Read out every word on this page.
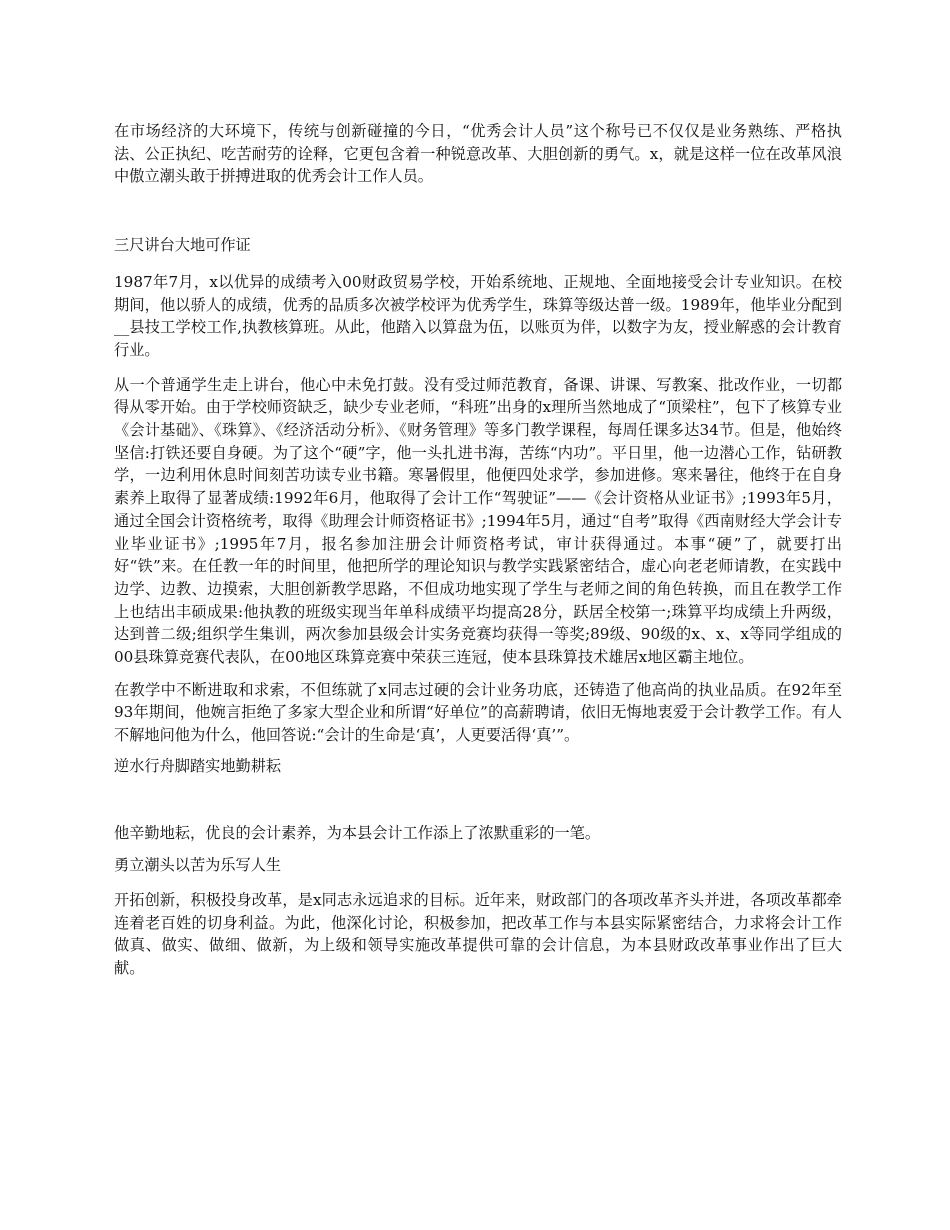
在市场经济的大环境下，传统与创新碰撞的今日，“优秀会计人员”这个称号已不仅仅是业务熟练、严格执法、公正执纪、吃苦耐劳的诠释，它更包含着一种锐意改革、大胆创新的勇气。x，就是这样一位在改革风浪中傲立潮头敢于拼搏进取的优秀会计工作人员。

三尺讲台大地可作证

1987年7月，x以优异的成绩考入00财政贸易学校，开始系统地、正规地、全面地接受会计专业知识。在校期间，他以骄人的成绩，优秀的品质多次被学校评为优秀学生，珠算等级达普一级。1989年，他毕业分配到__县技工学校工作,执教核算班。从此，他踏入以算盘为伍，以账页为伴，以数字为友，授业解惑的会计教育行业。

从一个普通学生走上讲台，他心中未免打鼓。没有受过师范教育，备课、讲课、写教案、批改作业，一切都得从零开始。由于学校师资缺乏，缺少专业老师，“科班”出身的x理所当然地成了“顶梁柱”，包下了核算专业《会计基础》、《珠算》、《经济活动分析》、《财务管理》等多门教学课程，每周任课多达34节。但是，他始终坚信:打铁还要自身硬。为了这个“硬”字，他一头扎进书海，苦练“内功”。平日里，他一边潜心工作，钻研教学，一边利用休息时间刻苦功读专业书籍。寒暑假里，他便四处求学，参加进修。寒来暑往，他终于在自身素养上取得了显著成绩:1992年6月，他取得了会计工作“驾驶证”——《会计资格从业证书》;1993年5月，通过全国会计资格统考，取得《助理会计师资格证书》;1994年5月，通过“自考”取得《西南财经大学会计专业毕业证书》;1995年7月，报名参加注册会计师资格考试，审计获得通过。本事“硬”了，就要打出好“铁”来。在任教一年的时间里，他把所学的理论知识与教学实践紧密结合，虚心向老老师请教，在实践中边学、边教、边摸索，大胆创新教学思路，不但成功地实现了学生与老师之间的角色转换，而且在教学工作上也结出丰硕成果:他执教的班级实现当年单科成绩平均提高28分，跃居全校第一;珠算平均成绩上升两级，达到普二级;组织学生集训，两次参加县级会计实务竞赛均获得一等奖;89级、90级的x、x、x等同学组成的00县珠算竞赛代表队，在00地区珠算竞赛中荣获三连冠，使本县珠算技术雄居x地区霸主地位。

在教学中不断进取和求索，不但练就了x同志过硬的会计业务功底，还铸造了他高尚的执业品质。在92年至93年期间，他婉言拒绝了多家大型企业和所谓“好单位”的高薪聘请，依旧无悔地衷爱于会计教学工作。有人不解地问他为什么，他回答说:“会计的生命是‘真’，人更要活得‘真’”。

逆水行舟脚踏实地勤耕耘

他辛勤地耘，优良的会计素养，为本县会计工作添上了浓默重彩的一笔。

勇立潮头以苦为乐写人生

开拓创新，积极投身改革，是x同志永远追求的目标。近年来，财政部门的各项改革齐头并进，各项改革都牵连着老百姓的切身利益。为此，他深化讨论，积极参加，把改革工作与本县实际紧密结合，力求将会计工作做真、做实、做细、做新，为上级和领导实施改革提供可靠的会计信息，为本县财政改革事业作出了巨大献。
